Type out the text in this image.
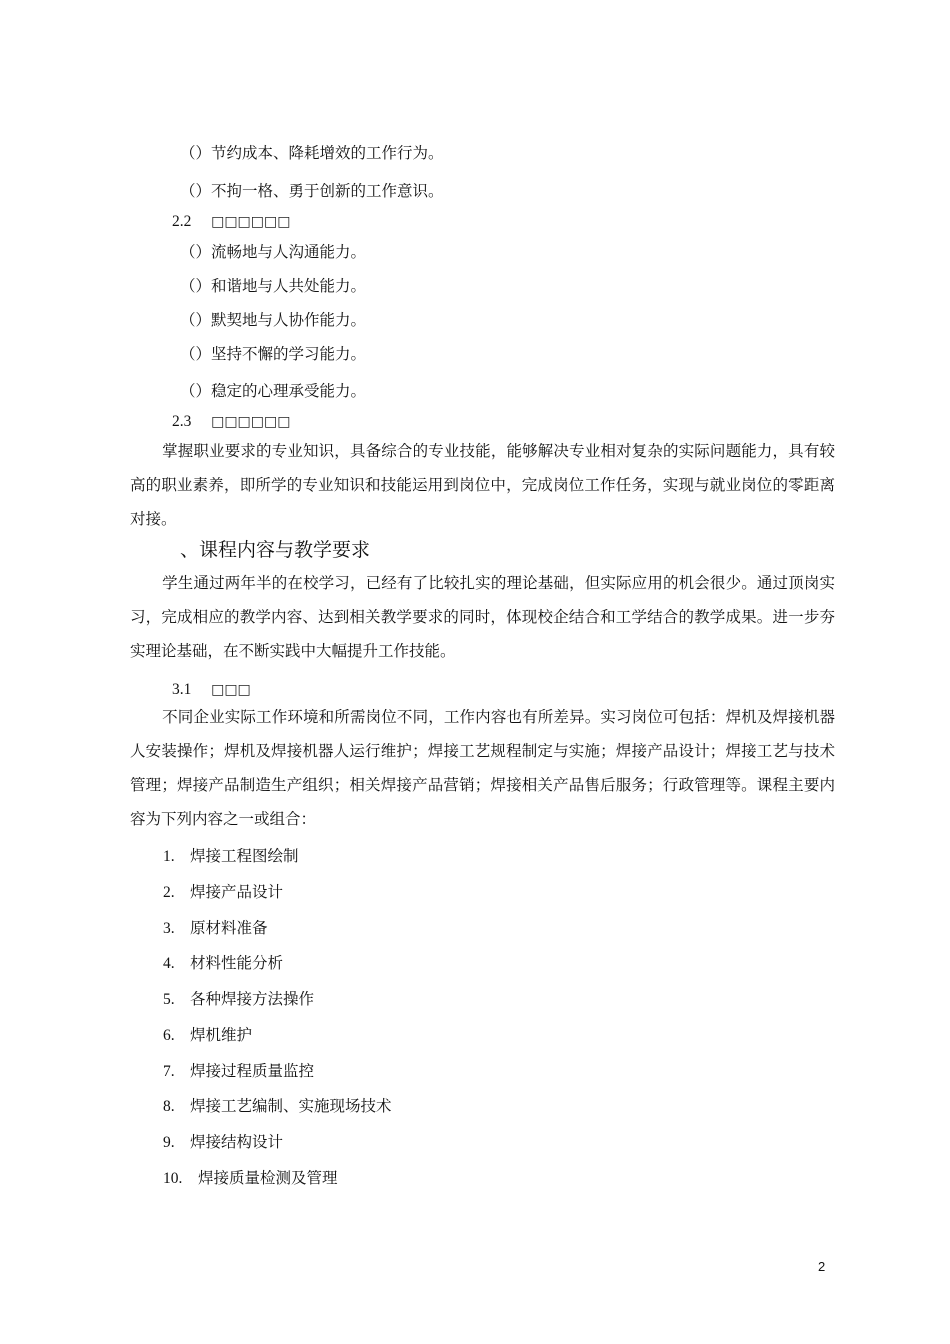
（）节约成本、降耗增效的工作行为。
（）不拘一格、勇于创新的工作意识。
2.2 □□□□□□
（）流畅地与人沟通能力。
（）和谐地与人共处能力。
（）默契地与人协作能力。
（）坚持不懈的学习能力。
（）稳定的心理承受能力。
2.3 □□□□□□
掌握职业要求的专业知识，具备综合的专业技能，能够解决专业相对复杂的实际问题能力，具有较高的职业素养，即所学的专业知识和技能运用到岗位中，完成岗位工作任务，实现与就业岗位的零距离对接。
、课程内容与教学要求
学生通过两年半的在校学习，已经有了比较扎实的理论基础，但实际应用的机会很少。通过顶岗实习，完成相应的教学内容、达到相关教学要求的同时，体现校企结合和工学结合的教学成果。进一步夯实理论基础，在不断实践中大幅提升工作技能。
3.1 □□□
不同企业实际工作环境和所需岗位不同，工作内容也有所差异。实习岗位可包括：焊机及焊接机器人安装操作；焊机及焊接机器人运行维护；焊接工艺规程制定与实施；焊接产品设计；焊接工艺与技术管理；焊接产品制造生产组织；相关焊接产品营销；焊接相关产品售后服务；行政管理等。课程主要内容为下列内容之一或组合：
1. 焊接工程图绘制
2. 焊接产品设计
3. 原材料准备
4. 材料性能分析
5. 各种焊接方法操作
6. 焊机维护
7. 焊接过程质量监控
8. 焊接工艺编制、实施现场技术
9. 焊接结构设计
10. 焊接质量检测及管理
2
